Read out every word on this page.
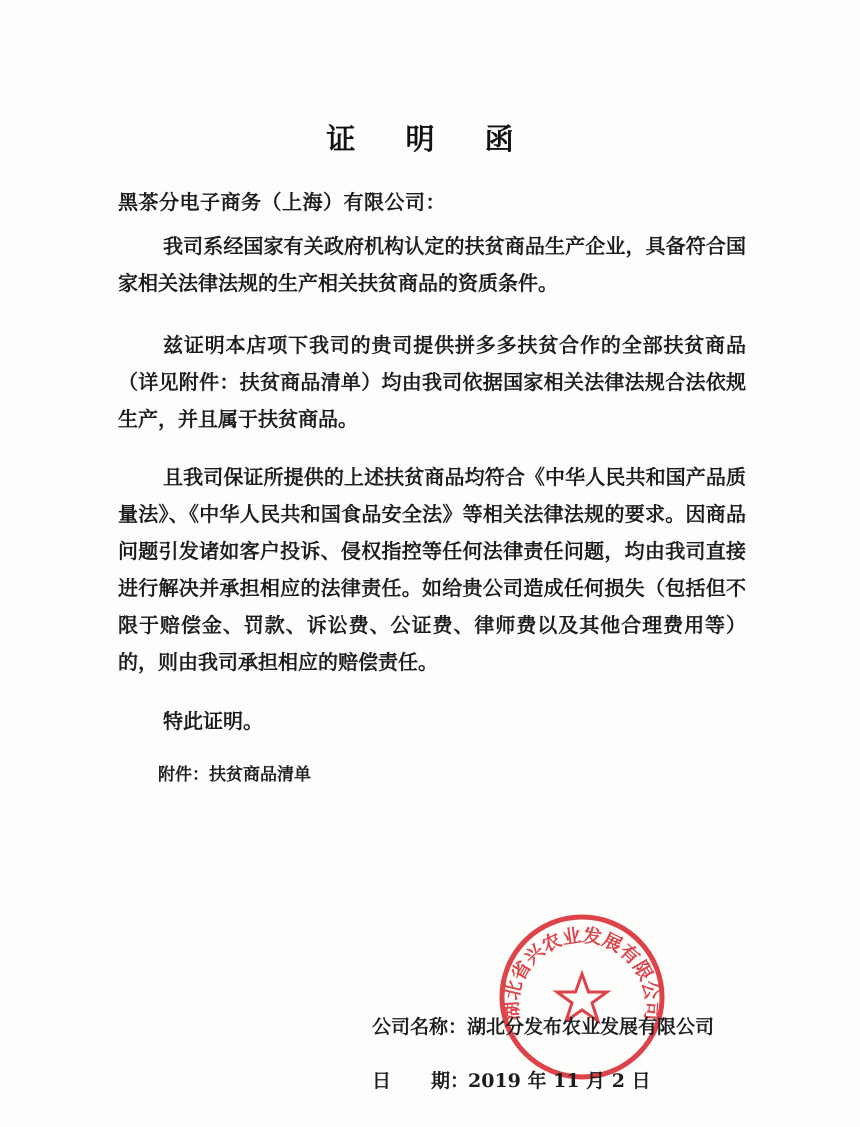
证 明 函
黑茶分电子商务（上海）有限公司：
我司系经国家有关政府机构认定的扶贫商品生产企业，具备符合国家相关法律法规的生产相关扶贫商品的资质条件。
兹证明本店项下我司的贵司提供拼多多扶贫合作的全部扶贫商品（详见附件：扶贫商品清单）均由我司依据国家相关法律法规合法依规生产，并且属于扶贫商品。
且我司保证所提供的上述扶贫商品均符合《中华人民共和国产品质量法》、《中华人民共和国食品安全法》等相关法律法规的要求。因商品问题引发诸如客户投诉、侵权指控等任何法律责任问题，均由我司直接进行解决并承担相应的法律责任。如给贵公司造成任何损失（包括但不限于赔偿金、罚款、诉讼费、公证费、律师费以及其他合理费用等）的，则由我司承担相应的赔偿责任。
特此证明。
附件：扶贫商品清单
湖北省兴农业发展有限公司
公司名称：湖北分发布农业发展有限公司
日 期：2019 年 11 月 2 日
